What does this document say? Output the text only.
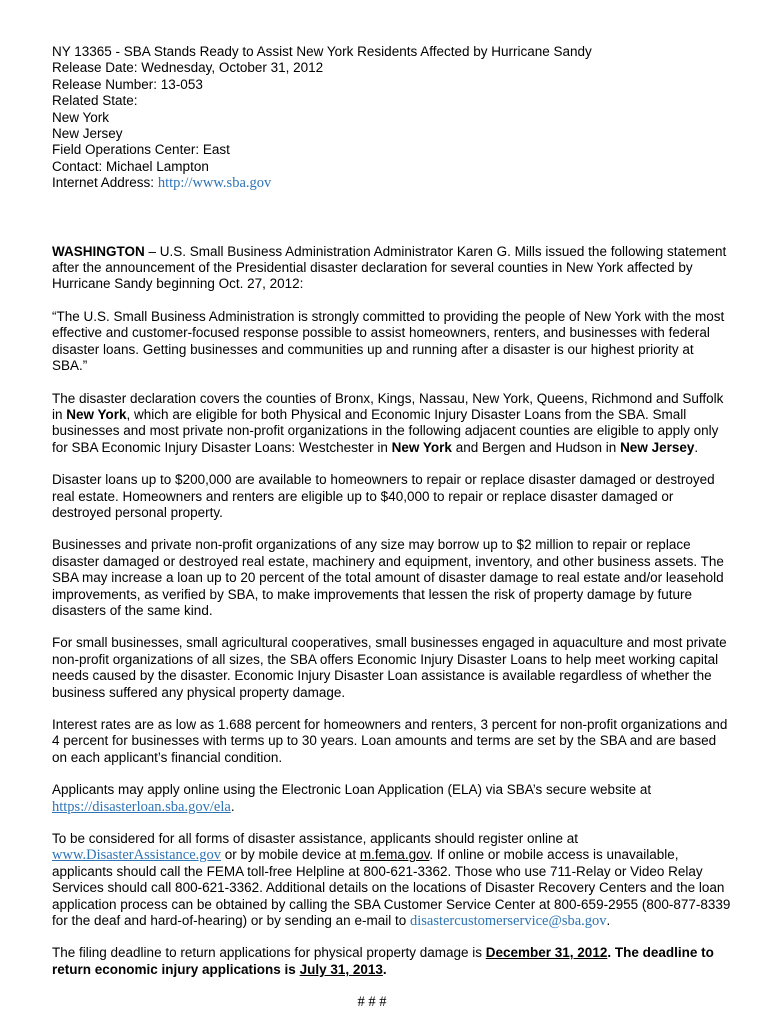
NY 13365 - SBA Stands Ready to Assist New York Residents Affected by Hurricane Sandy
Release Date: Wednesday, October 31, 2012
Release Number: 13-053
Related State:
New York
New Jersey
Field Operations Center: East
Contact: Michael Lampton
Internet Address: http://www.sba.gov

WASHINGTON – U.S. Small Business Administration Administrator Karen G. Mills issued the following statement after the announcement of the Presidential disaster declaration for several counties in New York affected by Hurricane Sandy beginning Oct. 27, 2012:

“The U.S. Small Business Administration is strongly committed to providing the people of New York with the most effective and customer-focused response possible to assist homeowners, renters, and businesses with federal disaster loans. Getting businesses and communities up and running after a disaster is our highest priority at SBA.”

The disaster declaration covers the counties of Bronx, Kings, Nassau, New York, Queens, Richmond and Suffolk in New York, which are eligible for both Physical and Economic Injury Disaster Loans from the SBA. Small businesses and most private non-profit organizations in the following adjacent counties are eligible to apply only for SBA Economic Injury Disaster Loans: Westchester in New York and Bergen and Hudson in New Jersey.

Disaster loans up to $200,000 are available to homeowners to repair or replace disaster damaged or destroyed real estate. Homeowners and renters are eligible up to $40,000 to repair or replace disaster damaged or destroyed personal property.

Businesses and private non-profit organizations of any size may borrow up to $2 million to repair or replace disaster damaged or destroyed real estate, machinery and equipment, inventory, and other business assets. The SBA may increase a loan up to 20 percent of the total amount of disaster damage to real estate and/or leasehold improvements, as verified by SBA, to make improvements that lessen the risk of property damage by future disasters of the same kind.

For small businesses, small agricultural cooperatives, small businesses engaged in aquaculture and most private non-profit organizations of all sizes, the SBA offers Economic Injury Disaster Loans to help meet working capital needs caused by the disaster. Economic Injury Disaster Loan assistance is available regardless of whether the business suffered any physical property damage.

Interest rates are as low as 1.688 percent for homeowners and renters, 3 percent for non-profit organizations and 4 percent for businesses with terms up to 30 years. Loan amounts and terms are set by the SBA and are based on each applicant’s financial condition.

Applicants may apply online using the Electronic Loan Application (ELA) via SBA’s secure website at https://disasterloan.sba.gov/ela.

To be considered for all forms of disaster assistance, applicants should register online at www.DisasterAssistance.gov or by mobile device at m.fema.gov. If online or mobile access is unavailable, applicants should call the FEMA toll-free Helpline at 800-621-3362. Those who use 711-Relay or Video Relay Services should call 800-621-3362. Additional details on the locations of Disaster Recovery Centers and the loan application process can be obtained by calling the SBA Customer Service Center at 800-659-2955 (800-877-8339 for the deaf and hard-of-hearing) or by sending an e-mail to disastercustomerservice@sba.gov.

The filing deadline to return applications for physical property damage is December 31, 2012. The deadline to return economic injury applications is July 31, 2013.

# # #
